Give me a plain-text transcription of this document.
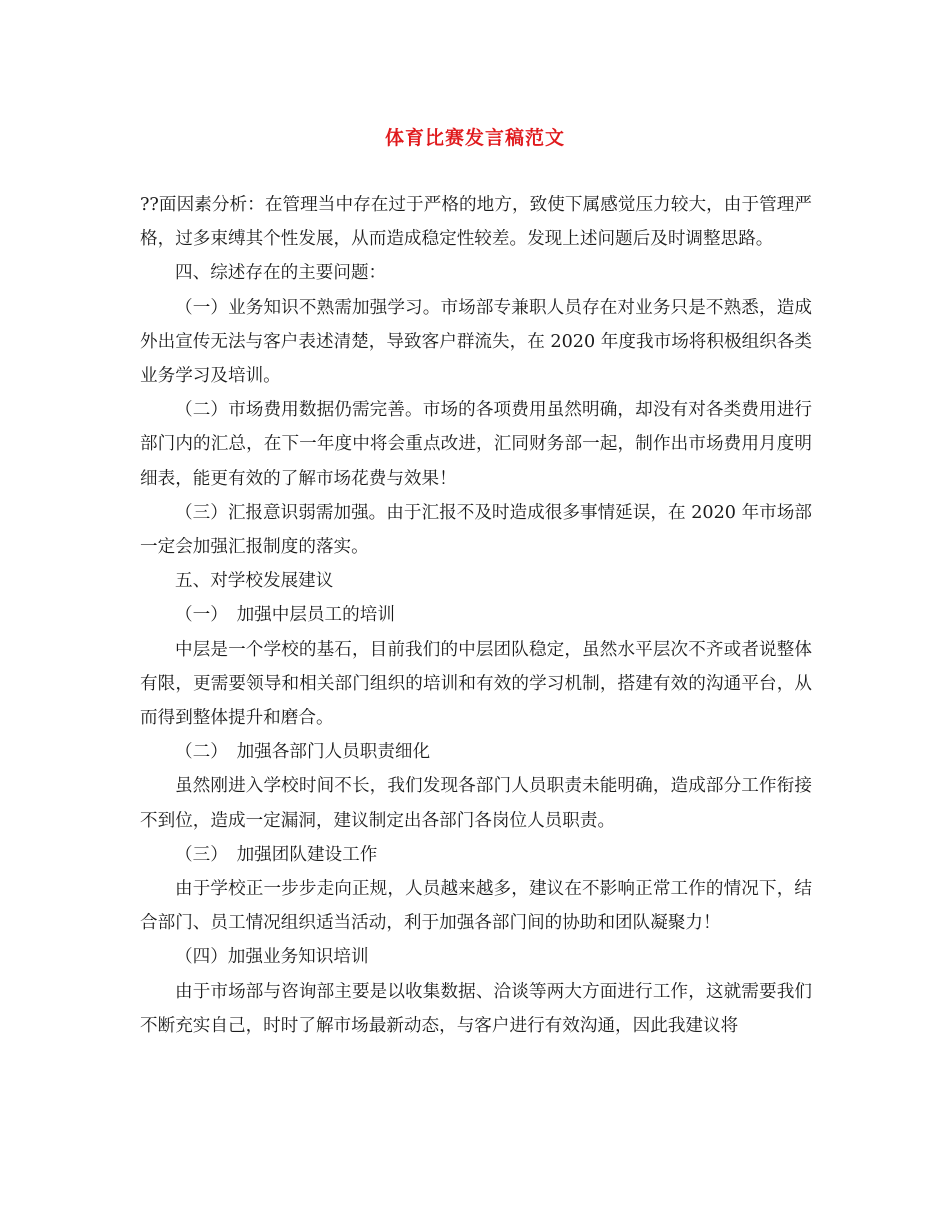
体育比赛发言稿范文

??面因素分析：在管理当中存在过于严格的地方，致使下属感觉压力较大，由于管理严格，过多束缚其个性发展，从而造成稳定性较差。发现上述问题后及时调整思路。

四、综述存在的主要问题：

（一）业务知识不熟需加强学习。市场部专兼职人员存在对业务只是不熟悉，造成外出宣传无法与客户表述清楚，导致客户群流失，在 2020 年度我市场将积极组织各类业务学习及培训。

（二）市场费用数据仍需完善。市场的各项费用虽然明确，却没有对各类费用进行部门内的汇总，在下一年度中将会重点改进，汇同财务部一起，制作出市场费用月度明细表，能更有效的了解市场花费与效果！

（三）汇报意识弱需加强。由于汇报不及时造成很多事情延误，在 2020 年市场部一定会加强汇报制度的落实。

五、对学校发展建议

（一）　加强中层员工的培训

中层是一个学校的基石，目前我们的中层团队稳定，虽然水平层次不齐或者说整体有限，更需要领导和相关部门组织的培训和有效的学习机制，搭建有效的沟通平台，从而得到整体提升和磨合。

（二）　加强各部门人员职责细化

虽然刚进入学校时间不长，我们发现各部门人员职责未能明确，造成部分工作衔接不到位，造成一定漏洞，建议制定出各部门各岗位人员职责。

（三）　加强团队建设工作

由于学校正一步步走向正规，人员越来越多，建议在不影响正常工作的情况下，结合部门、员工情况组织适当活动，利于加强各部门间的协助和团队凝聚力！

（四）加强业务知识培训

由于市场部与咨询部主要是以收集数据、洽谈等两大方面进行工作，这就需要我们不断充实自己，时时了解市场最新动态，与客户进行有效沟通，因此我建议将
